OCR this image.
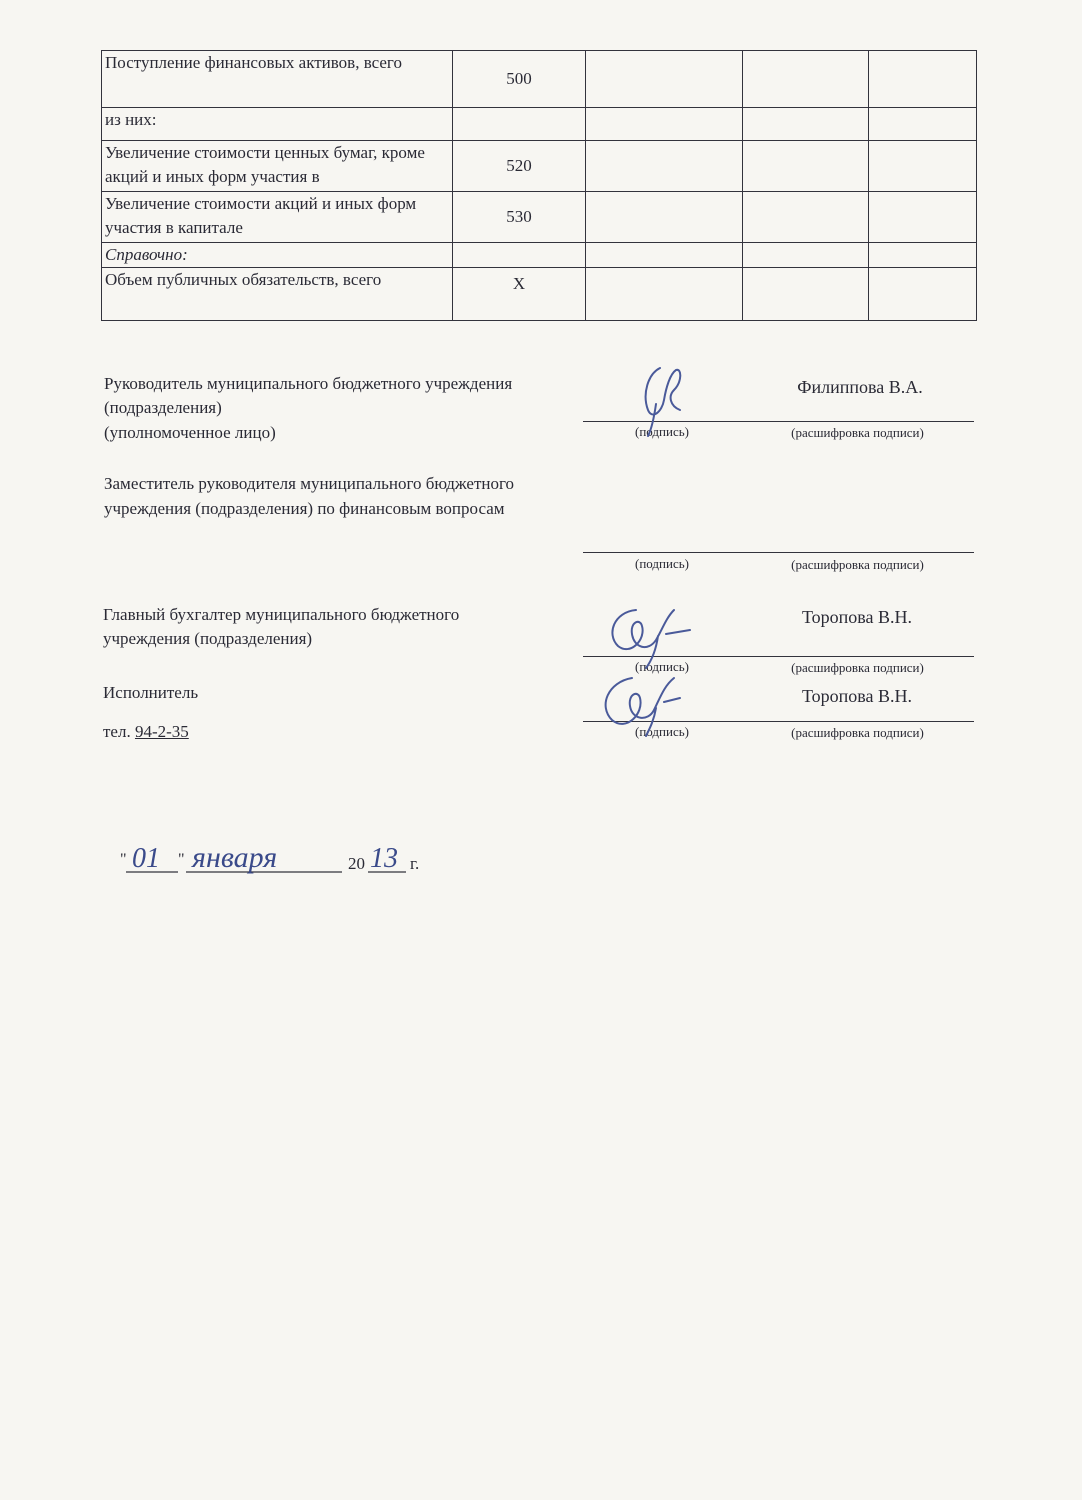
Поступление финансовых активов, всего	500			
из них:				
Увеличение стоимости ценных бумаг, кроме акций и иных форм участия в	520			
Увеличение стоимости акций и иных форм участия в капитале	530			
Справочно:				
Объем публичных обязательств, всего	X			
Руководитель муниципального бюджетного учреждения
(подразделения)
(уполномоченное лицо)
Филиппова В.А.
(подпись)	(расшифровка подписи)
Заместитель руководителя муниципального бюджетного
учреждения (подразделения) по финансовым вопросам
(подпись)	(расшифровка подписи)
Главный бухгалтер муниципального бюджетного
учреждения (подразделения)
Торопова В.Н.
(подпись)	(расшифровка подписи)
Исполнитель
тел. 94-2-35
Торопова В.Н.
(подпись)	(расшифровка подписи)
" 01 " января	20 13 г.
